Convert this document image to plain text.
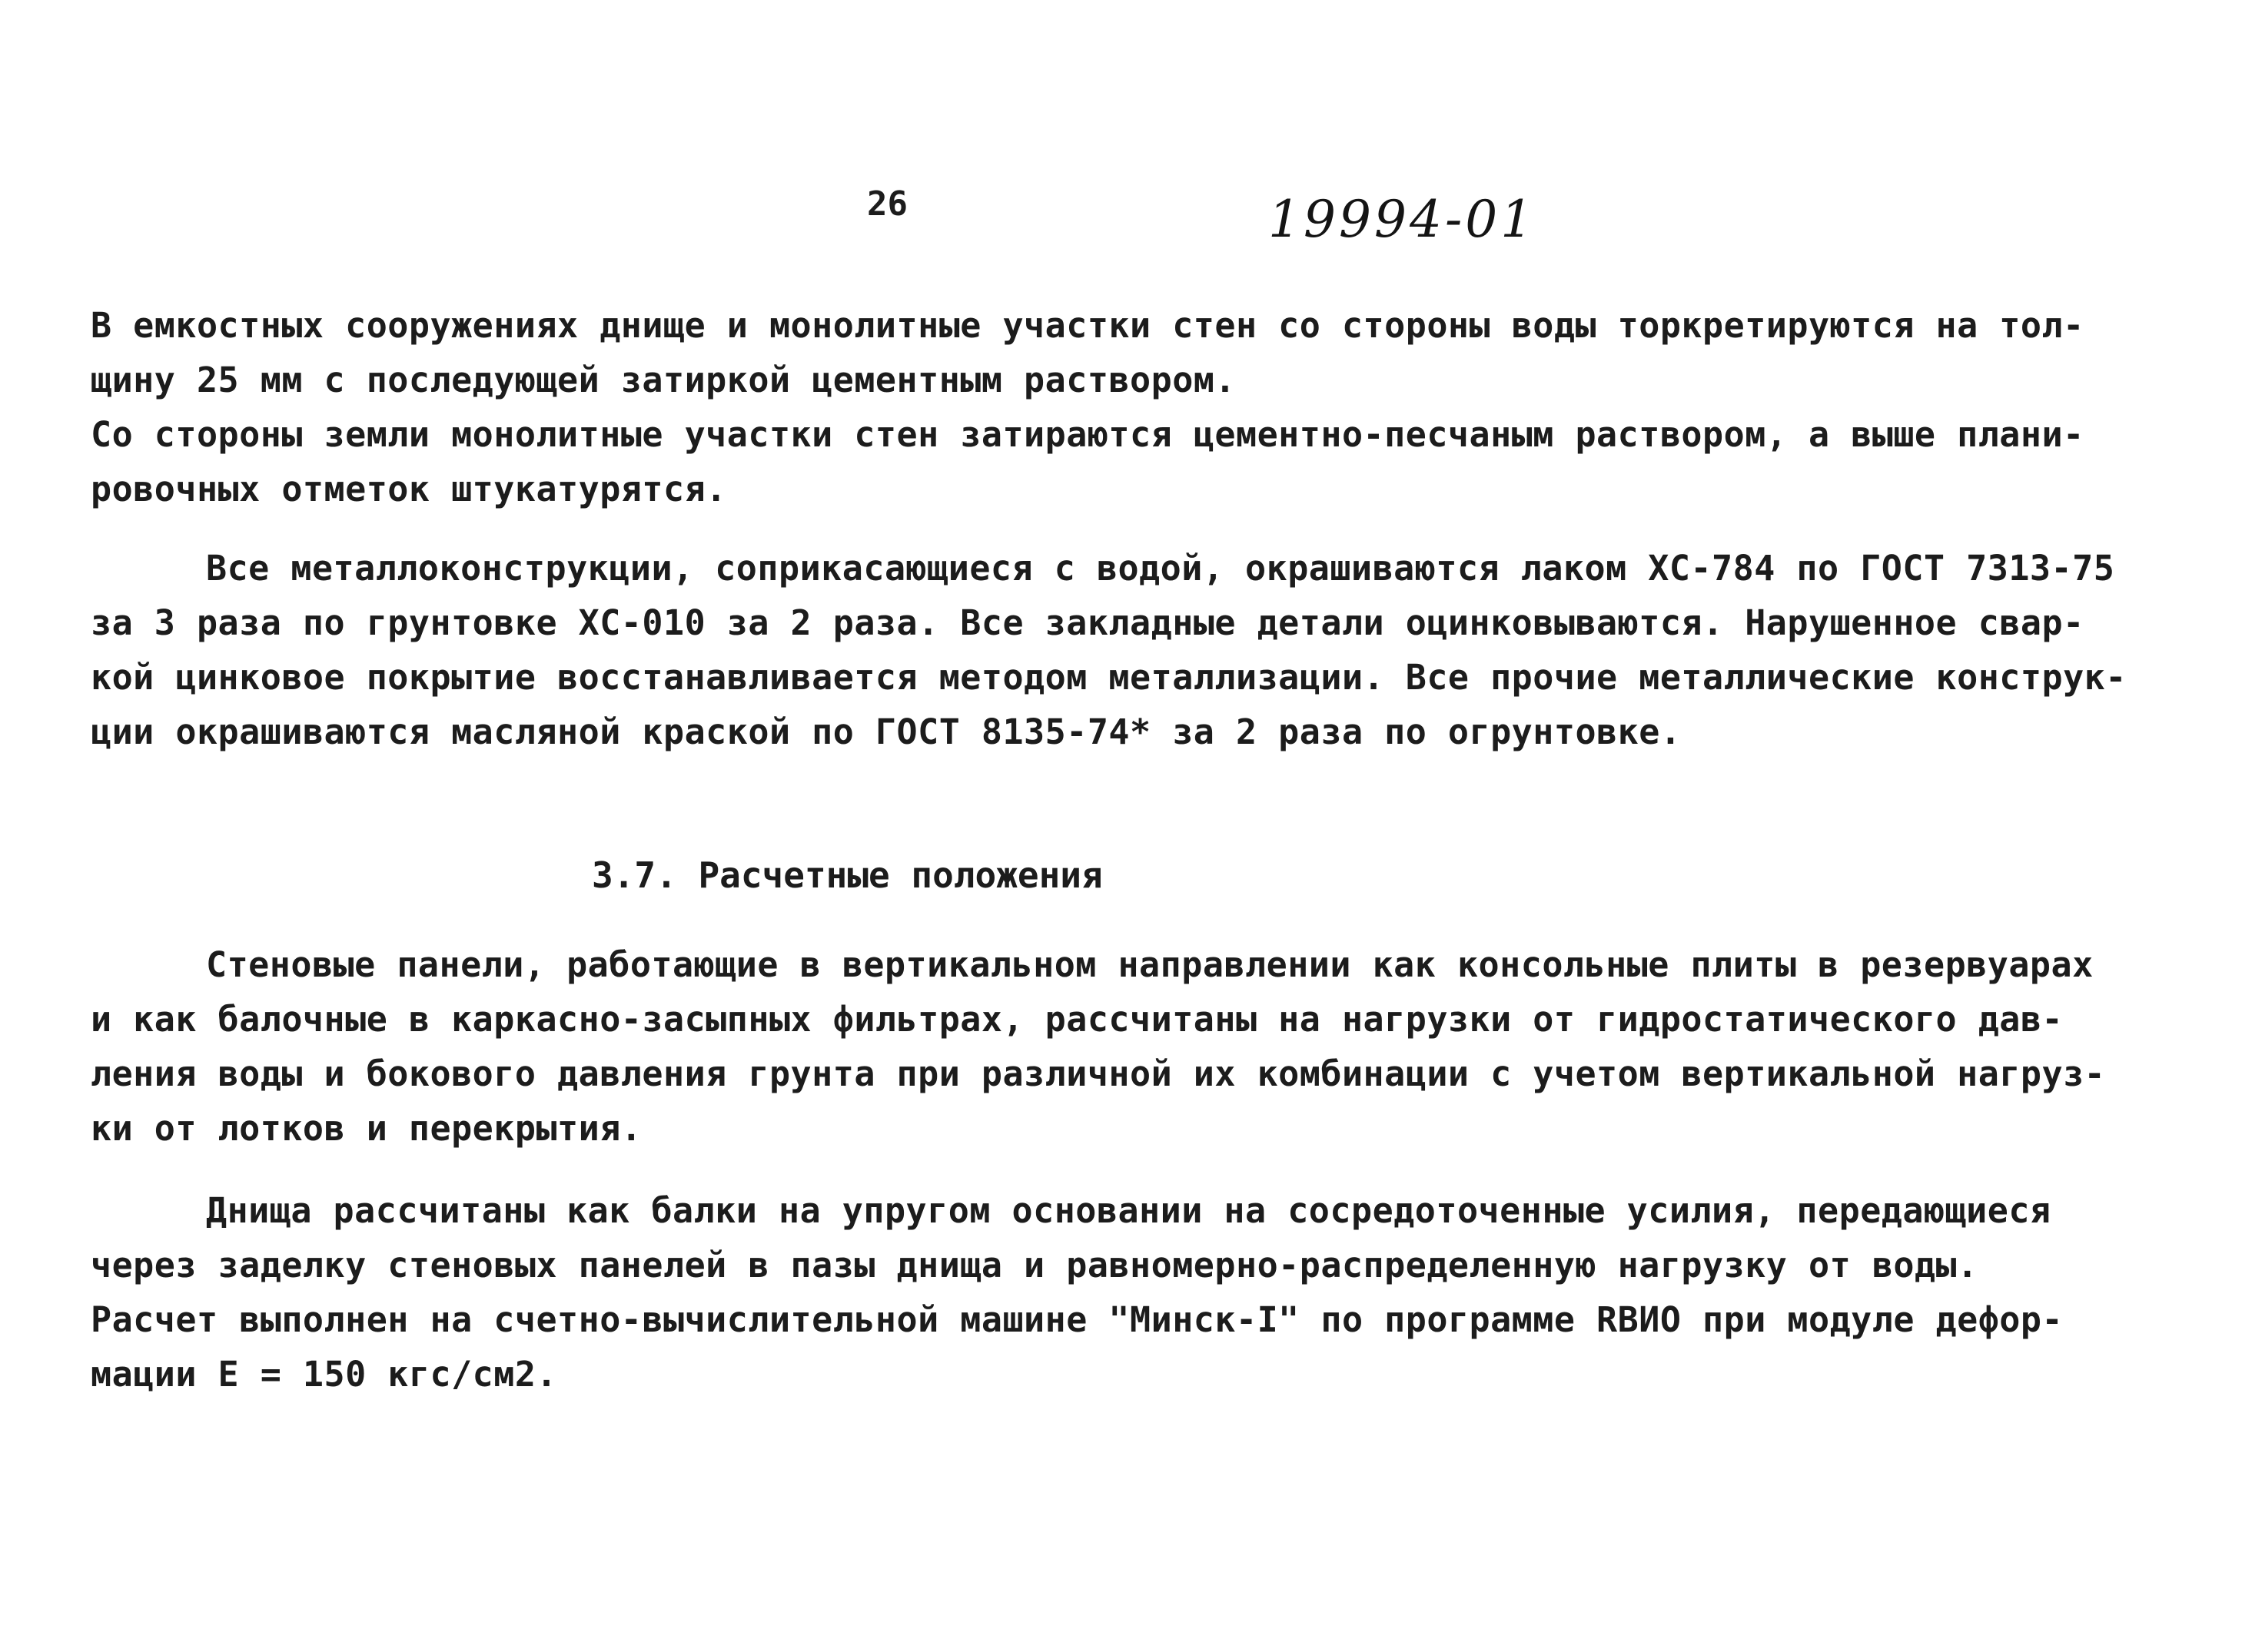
26	19994-01
В емкостных сооружениях днище и монолитные участки стен со стороны воды торкретируются на тол-
щину 25 мм с последующей затиркой цементным раствором.
Со стороны земли монолитные участки стен затираются цементно-песчаным раствором, а выше плани-
ровочных отметок штукатурятся.
Все металлоконструкции, соприкасающиеся с водой, окрашиваются лаком ХС-784 по ГОСТ 7313-75
за 3 раза по грунтовке ХС-010 за 2 раза. Все закладные детали оцинковываются. Нарушенное свар-
кой цинковое покрытие восстанавливается методом металлизации. Все прочие металлические конструк-
ции окрашиваются масляной краской по ГОСТ 8135-74* за 2 раза по огрунтовке.
3.7. Расчетные положения
Стеновые панели, работающие в вертикальном направлении как консольные плиты в резервуарах
и как балочные в каркасно-засыпных фильтрах, рассчитаны на нагрузки от гидростатического дав-
ления воды и бокового давления грунта при различной их комбинации с учетом вертикальной нагруз-
ки от лотков и перекрытия.
Днища рассчитаны как балки на упругом основании на сосредоточенные усилия, передающиеся
через заделку стеновых панелей в пазы днища и равномерно-распределенную нагрузку от воды.
Расчет выполнен на счетно-вычислительной машине "Минск-I" по программе RВИО при модуле дефор-
мации Е = 150 кгс/см2.
